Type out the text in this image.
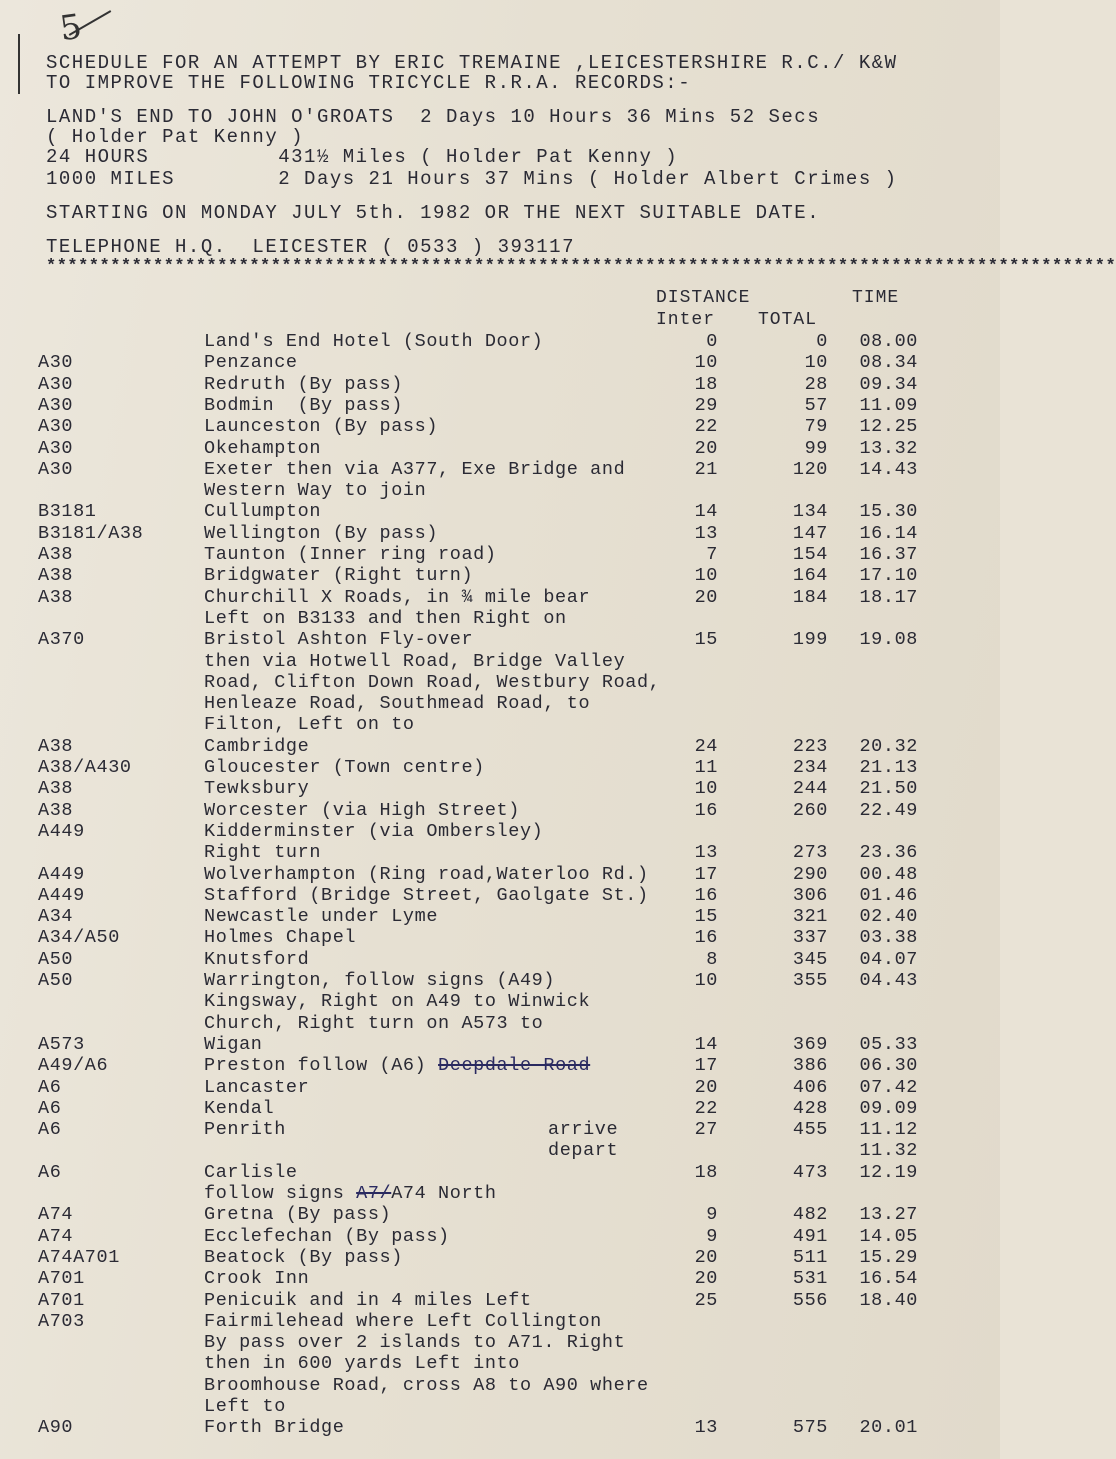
5
SCHEDULE FOR AN ATTEMPT BY ERIC TREMAINE ,LEICESTERSHIRE R.C./ K&W
TO IMPROVE THE FOLLOWING TRICYCLE R.R.A. RECORDS:-
LAND'S END TO JOHN O'GROATS  2 Days 10 Hours 36 Mins 52 Secs
( Holder Pat Kenny )
24 HOURS          431½ Miles ( Holder Pat Kenny )
1000 MILES        2 Days 21 Hours 37 Mins ( Holder Albert Crimes )
STARTING ON MONDAY JULY 5th. 1982 OR THE NEXT SUITABLE DATE.
TELEPHONE H.Q.  LEICESTER ( 0533 ) 393117
****************************************************************************************************
DISTANCE	TIME
Inter TOTAL
Land's End Hotel (South Door)	0	0 08.00
A30	Penzance	10	10 08.34
A30	Redruth (By pass)	18	28 09.34
A30	Bodmin  (By pass)	29	57 11.09
A30	Launceston (By pass)	22	79 12.25
A30	Okehampton	20	99 13.32
A30	Exeter then via A377, Exe Bridge and	21	120 14.43
Western Way to join
B3181	Cullumpton	14	134 15.30
B3181/A38	Wellington (By pass)	13	147 16.14
A38	Taunton (Inner ring road)	7	154 16.37
A38	Bridgwater (Right turn)	10	164 17.10
A38	Churchill X Roads, in ¾ mile bear	20	184 18.17
Left on B3133 and then Right on
A370	Bristol Ashton Fly-over	15	199 19.08
then via Hotwell Road, Bridge Valley
Road, Clifton Down Road, Westbury Road,
Henleaze Road, Southmead Road, to
Filton, Left on to
A38	Cambridge	24	223 20.32
A38/A430	Gloucester (Town centre)	11	234 21.13
A38	Tewksbury	10	244 21.50
A38	Worcester (via High Street)	16	260 22.49
A449	Kidderminster (via Ombersley)
Right turn	13	273 23.36
A449	Wolverhampton (Ring road,Waterloo Rd.) 17	290 00.48
A449	Stafford (Bridge Street, Gaolgate St.) 16	306 01.46
A34	Newcastle under Lyme	15	321 02.40
A34/A50	Holmes Chapel	16	337 03.38
A50	Knutsford	8	345 04.07
A50	Warrington, follow signs (A49)	10	355 04.43
Kingsway, Right on A49 to Winwick
Church, Right turn on A573 to
A573	Wigan	14	369 05.33
A49/A6	Preston follow (A6) Deepdale Road	17	386 06.30
A6	Lancaster	20	406 07.42
A6	Kendal	22	428 09.09
A6	Penrith	arrive	27	455 11.12
depart	11.32
A6	Carlisle	18	473 12.19
follow signs A7/A74 North
A74	Gretna (By pass)	9	482 13.27
A74	Ecclefechan (By pass)	9	491 14.05
A74A701	Beatock (By pass)	20	511 15.29
A701	Crook Inn	20	531 16.54
A701	Penicuik and in 4 miles Left	25	556 18.40
A703	Fairmilehead where Left Collington
By pass over 2 islands to A71. Right
then in 600 yards Left into
Broomhouse Road, cross A8 to A90 where
Left to
A90	Forth Bridge	13	575 20.01
